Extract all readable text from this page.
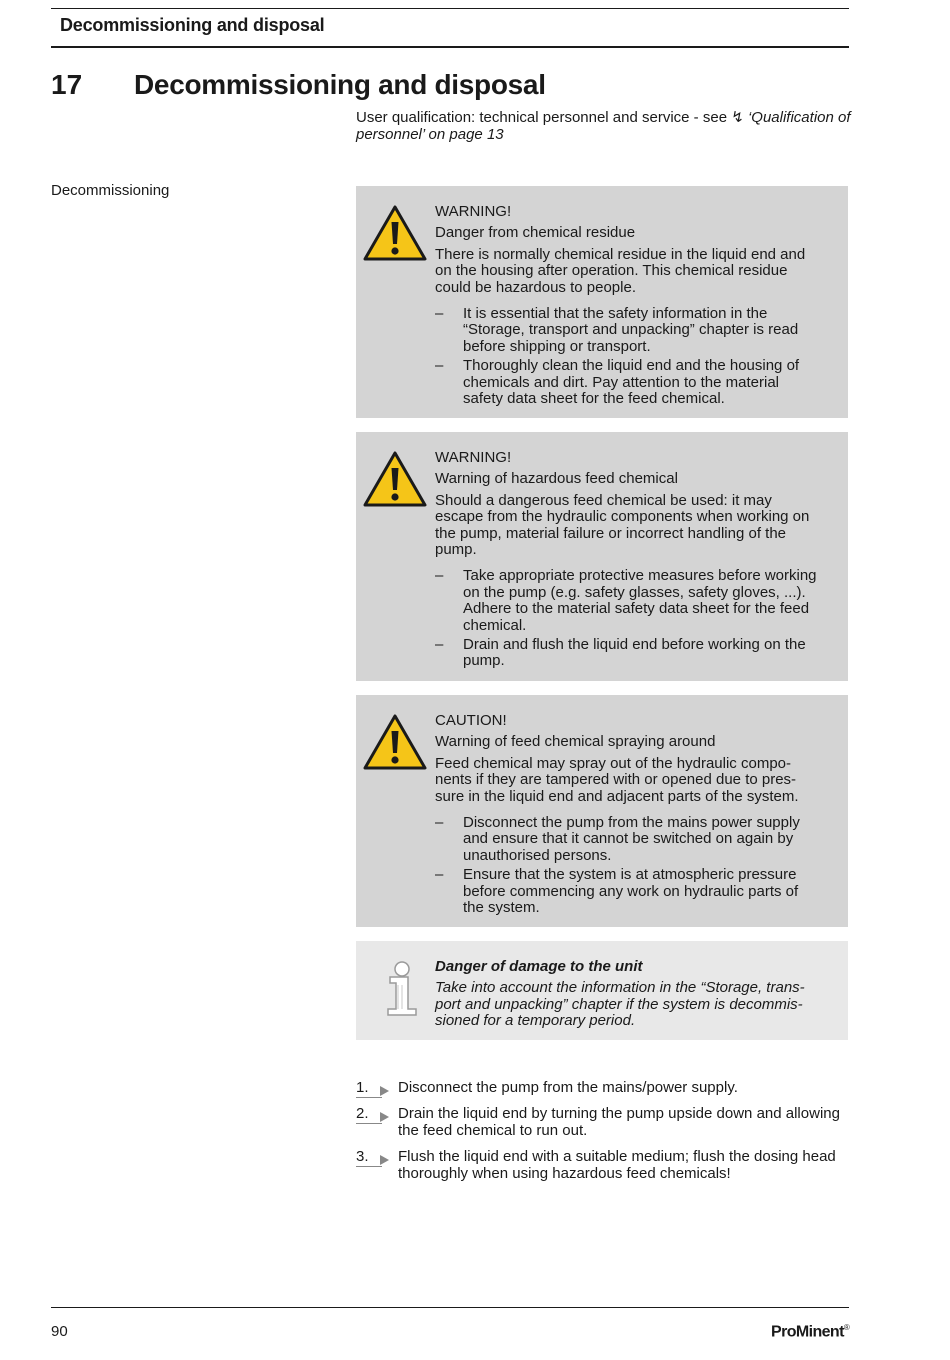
Decommissioning and disposal
17 Decommissioning and disposal
User qualification: technical personnel and service - see ↯ ‘Qualification of personnel’ on page 13
Decommissioning
WARNING!
Danger from chemical residue
There is normally chemical residue in the liquid end and on the housing after operation. This chemical residue could be hazardous to people.
– It is essential that the safety information in the “Storage, transport and unpacking” chapter is read before shipping or transport.
– Thoroughly clean the liquid end and the housing of chemicals and dirt. Pay attention to the material safety data sheet for the feed chemical.
WARNING!
Warning of hazardous feed chemical
Should a dangerous feed chemical be used: it may escape from the hydraulic components when working on the pump, material failure or incorrect handling of the pump.
– Take appropriate protective measures before working on the pump (e.g. safety glasses, safety gloves, ...). Adhere to the material safety data sheet for the feed chemical.
– Drain and flush the liquid end before working on the pump.
CAUTION!
Warning of feed chemical spraying around
Feed chemical may spray out of the hydraulic compo- nents if they are tampered with or opened due to pres- sure in the liquid end and adjacent parts of the system.
– Disconnect the pump from the mains power supply and ensure that it cannot be switched on again by unauthorised persons.
– Ensure that the system is at atmospheric pressure before commencing any work on hydraulic parts of the system.
Danger of damage to the unit
Take into account the information in the “Storage, trans- port and unpacking” chapter if the system is decommis- sioned for a temporary period.
1. Disconnect the pump from the mains/power supply.
2. Drain the liquid end by turning the pump upside down and allowing the feed chemical to run out.
3. Flush the liquid end with a suitable medium; flush the dosing head thoroughly when using hazardous feed chemicals!
90	ProMinent®
